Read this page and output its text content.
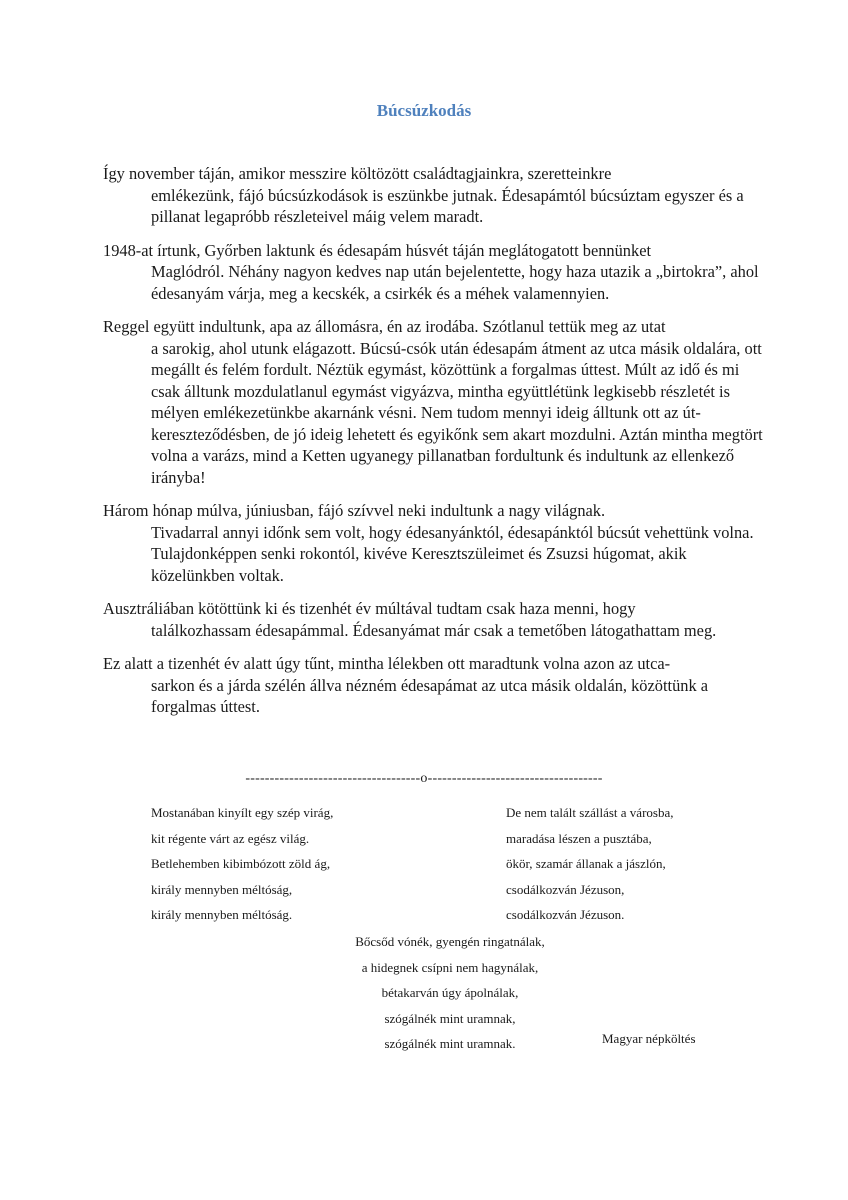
Búcsúzkodás

Így november táján, amikor messzire költözött családtagjainkra, szeretteinkre
emlékezünk, fájó búcsúzkodások is eszünkbe jutnak. Édesapámtól búcsúztam egyszer és a
pillanat legapróbb részleteivel máig velem maradt.

1948-at írtunk, Győrben laktunk és édesapám húsvét táján meglátogatott bennünket
Maglódról. Néhány nagyon kedves nap után bejelentette, hogy haza utazik a „birtokra”, ahol
édesanyám várja, meg a kecskék, a csirkék és a méhek valamennyien.

Reggel együtt indultunk, apa az állomásra, én az irodába. Szótlanul tettük meg az utat
a sarokig, ahol utunk elágazott. Búcsú-csók után édesapám átment az utca másik oldalára, ott
megállt és felém fordult. Néztük egymást, közöttünk a forgalmas úttest. Múlt az idő és mi
csak álltunk mozdulatlanul egymást vigyázva, mintha együttlétünk legkisebb részletét is
mélyen emlékezetünkbe akarnánk vésni. Nem tudom mennyi ideig álltunk ott az út-
kereszteződésben, de jó ideig lehetett és egyikőnk sem akart mozdulni. Aztán mintha megtört
volna a varázs, mind a Ketten ugyanegy pillanatban fordultunk és indultunk az ellenkező
irányba!

Három hónap múlva, júniusban, fájó szívvel neki indultunk a nagy világnak.
Tivadarral annyi időnk sem volt, hogy édesanyánktól, édesapánktól búcsút vehettünk volna.
Tulajdonképpen senki rokontól, kivéve Keresztszüleimet és Zsuzsi húgomat, akik
közelünkben voltak.

Ausztráliában kötöttünk ki és tizenhét év múltával tudtam csak haza menni, hogy
találkozhassam édesapámmal. Édesanyámat már csak a temetőben látogathattam meg.

Ez alatt a tizenhét év alatt úgy tűnt, mintha lélekben ott maradtunk volna azon az utca-
sarkon és a járda szélén állva nézném édesapámat az utca másik oldalán, közöttünk a
forgalmas úttest.

------------------------------------o------------------------------------
Mostanában kinyílt egy szép virág,
kit régente várt az egész világ.
Betlehemben kibimbózott zöld ág,
király mennyben méltóság,
király mennyben méltóság.
De nem talált szállást a városba,
maradása lészen a pusztába,
ökör, szamár állanak a jászlón,
csodálkozván Jézuson,
csodálkozván Jézuson.
Bőcsőd vónék, gyengén ringatnálak,
a hidegnek csípni nem hagynálak,
bétakarván úgy ápolnálak,
szógálnék mint uramnak,
szógálnék mint uramnak.	Magyar népköltés
